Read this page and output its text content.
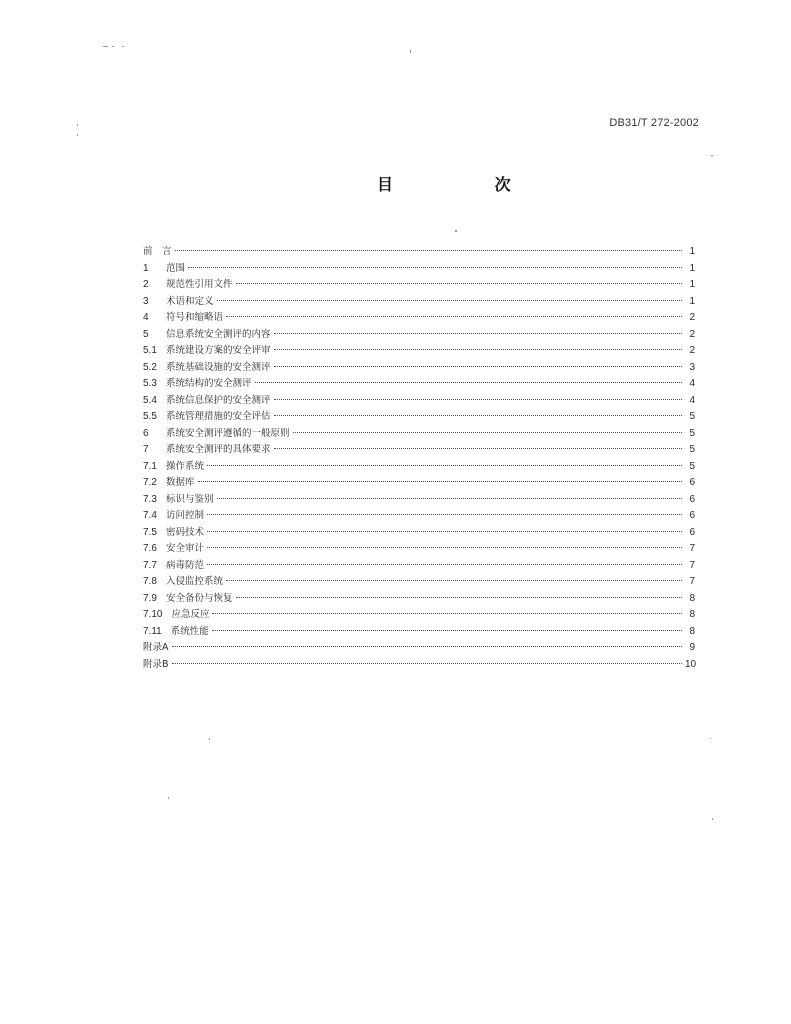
DB31/T 272-2002
目 次
前　言	1
1	范围	1
2	规范性引用文件	1
3	术语和定义	1
4	符号和缩略语	2
5	信息系统安全测评的内容	2
5.1 系统建设方案的安全评审	2
5.2 系统基础设施的安全测评	3
5.3 系统结构的安全测评	4
5.4 系统信息保护的安全测评	4
5.5 系统管理措施的安全评估	5
6	系统安全测评遵循的一般原则	5
7	系统安全测评的具体要求	5
7.1 操作系统	5
7.2 数据库	6
7.3 标识与鉴别	6
7.4 访问控制	6
7.5 密码技术	6
7.6 安全审计	7
7.7 病毒防范	7
7.8 入侵监控系统	7
7.9 安全备份与恢复	8
7.10 应急反应	8
7.11 系统性能	8
附录A	9
附录B	10
